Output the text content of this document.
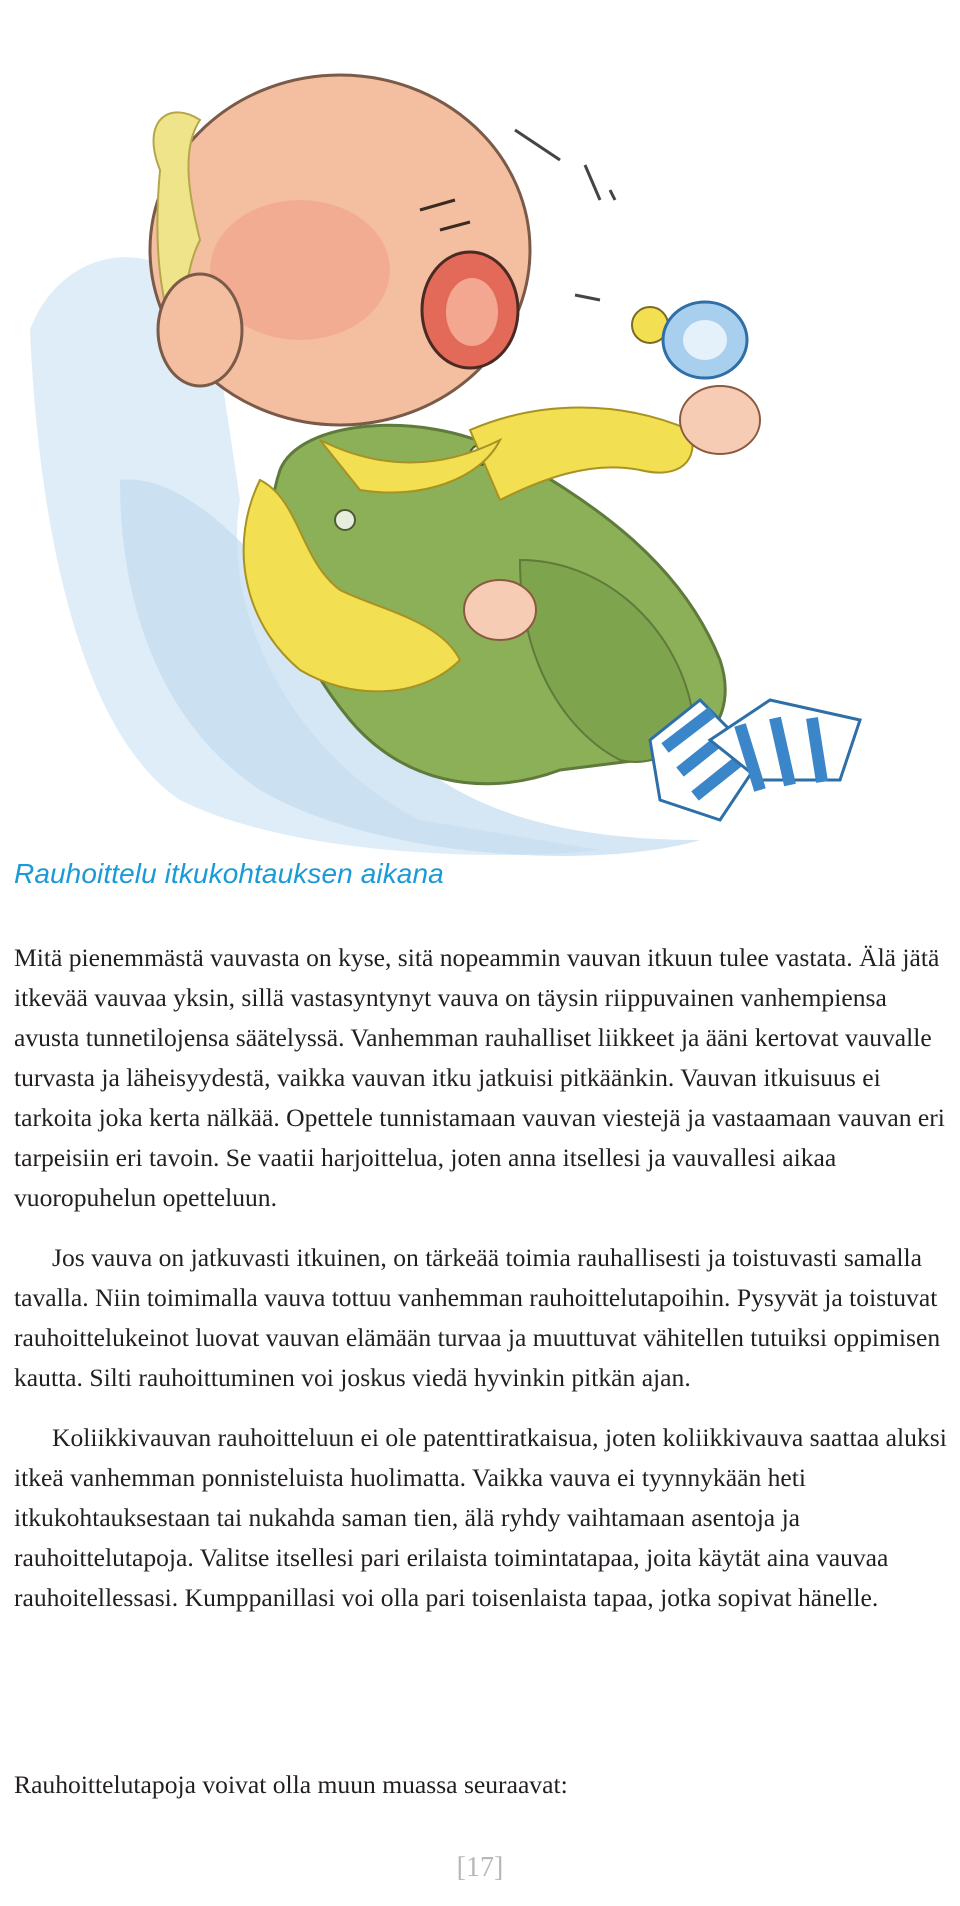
Rauhoittelu itkukohtauksen aikana

Mitä pienemmästä vauvasta on kyse, sitä nopeammin vauvan itkuun tulee vastata. Älä jätä itkevää vauvaa yksin, sillä vastasyntynyt vauva on täysin riippuvainen vanhempiensa avusta tunnetilojensa säätelyssä. Vanhemman rauhalliset liikkeet ja ääni kertovat vauvalle turvasta ja läheisyydestä, vaikka vauvan itku jatkuisi pitkäänkin. Vauvan itkuisuus ei tarkoita joka kerta nälkää. Opettele tunnistamaan vauvan viestejä ja vastaamaan vauvan eri tarpeisiin eri tavoin. Se vaatii harjoittelua, joten anna itsellesi ja vauvallesi aikaa vuoropuhelun opetteluun.

Jos vauva on jatkuvasti itkuinen, on tärkeää toimia rauhallisesti ja toistuvasti samalla tavalla. Niin toimimalla vauva tottuu vanhemman rauhoittelutapoihin. Pysyvät ja toistuvat rauhoittelukeinot luovat vauvan elämään turvaa ja muuttuvat vähitellen tutuiksi oppimisen kautta. Silti rauhoittuminen voi joskus viedä hyvinkin pitkän ajan.

Koliikkivauvan rauhoitteluun ei ole patenttiratkaisua, joten koliikkivauva saattaa aluksi itkeä vanhemman ponnisteluista huolimatta. Vaikka vauva ei tyynnykään heti itkukohtauksestaan tai nukahda saman tien, älä ryhdy vaihtamaan asentoja ja rauhoittelutapoja. Valitse itsellesi pari erilaista toimintatapaa, joita käytät aina vauvaa rauhoitellessasi. Kumppanillasi voi olla pari toisenlaista tapaa, jotka sopivat hänelle.

Rauhoittelutapoja voivat olla muun muassa seuraavat:

[17]
